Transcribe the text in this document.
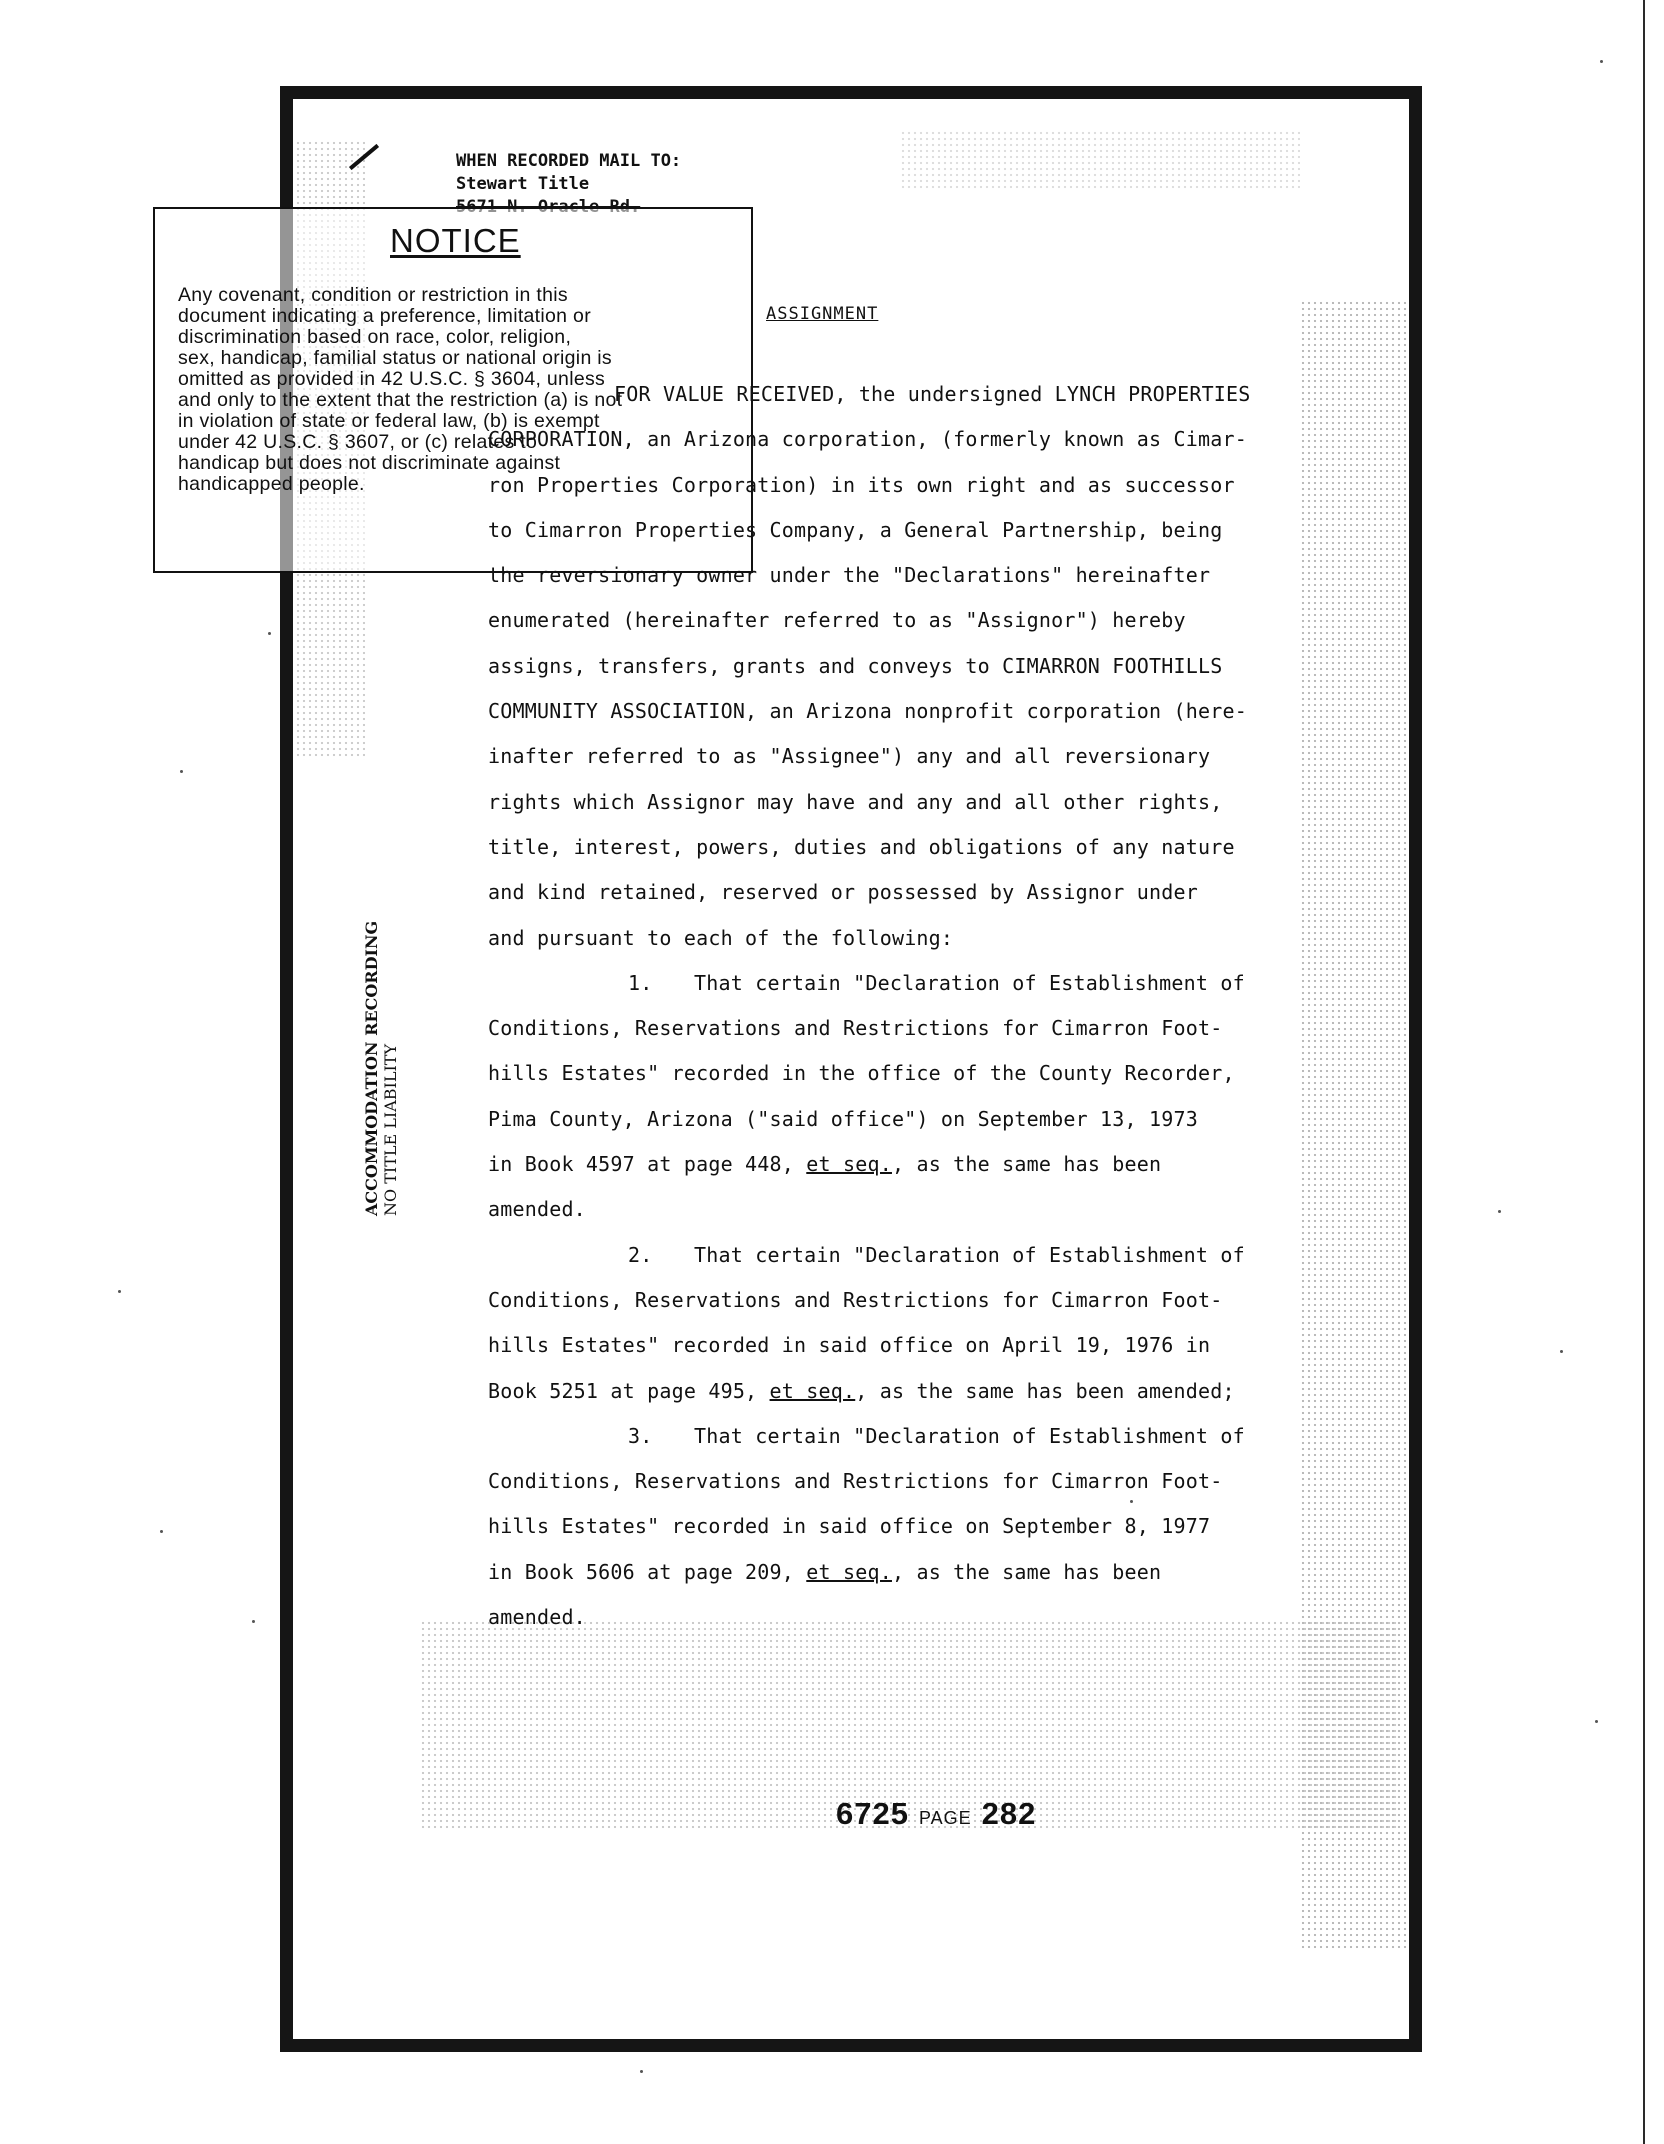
WHEN RECORDED MAIL TO:
Stewart Title
NOTICE
Any covenant, condition or restriction in this
document indicating a preference, limitation or
discrimination based on race, color, religion,
sex, handicap, familial status or national origin is
omitted as provided in 42 U.S.C. § 3604, unless
and only to the extent that the restriction (a) is not
in violation of state or federal law, (b) is exempt
under 42 U.S.C. § 3607, or (c) relates to
handicap but does not discriminate against
handicapped people.
ACCOMMODATION RECORDING NO TITLE LIABILITY
ASSIGNMENT
FOR VALUE RECEIVED, the undersigned LYNCH PROPERTIES
CORPORATION, an Arizona corporation, (formerly known as Cimar-
ron Properties Corporation) in its own right and as successor
to Cimarron Properties Company, a General Partnership, being
the reversionary owner under the "Declarations" hereinafter
enumerated (hereinafter referred to as "Assignor") hereby
assigns, transfers, grants and conveys to CIMARRON FOOTHILLS
COMMUNITY ASSOCIATION, an Arizona nonprofit corporation (here-
inafter referred to as "Assignee") any and all reversionary
rights which Assignor may have and any and all other rights,
title, interest, powers, duties and obligations of any nature
and kind retained, reserved or possessed by Assignor under
and pursuant to each of the following:
1. That certain "Declaration of Establishment of
Conditions, Reservations and Restrictions for Cimarron Foot-
hills Estates" recorded in the office of the County Recorder,
Pima County, Arizona ("said office") on September 13, 1973
in Book 4597 at page 448, et seq., as the same has been
amended.
2. That certain "Declaration of Establishment of
Conditions, Reservations and Restrictions for Cimarron Foot-
hills Estates" recorded in said office on April 19, 1976 in
Book 5251 at page 495, et seq., as the same has been amended;
3. That certain "Declaration of Establishment of
Conditions, Reservations and Restrictions for Cimarron Foot-
hills Estates" recorded in said office on September 8, 1977
in Book 5606 at page 209, et seq., as the same has been
amended.
6725 PAGE 282
